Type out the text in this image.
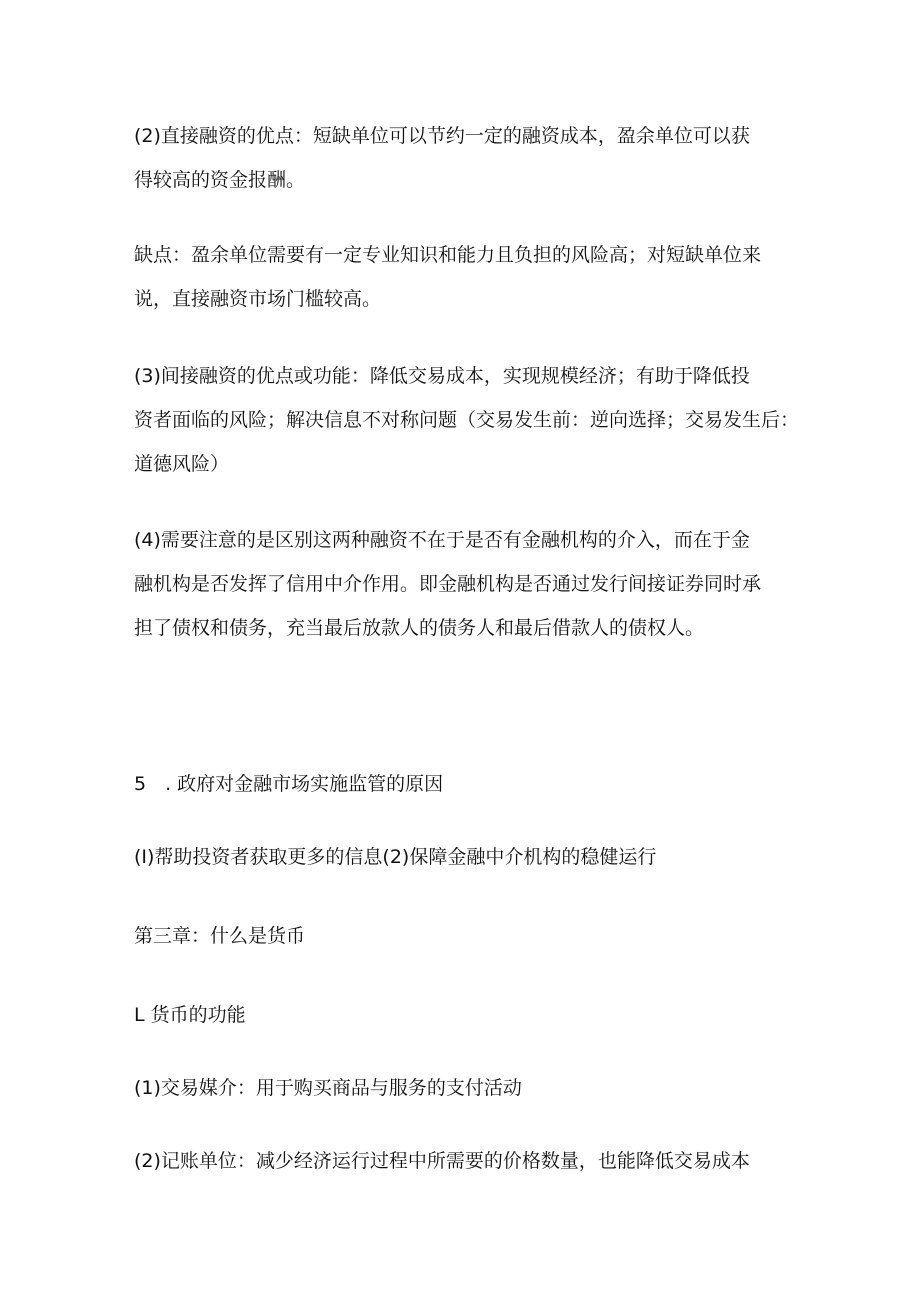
(2)直接融资的优点：短缺单位可以节约一定的融资成本，盈余单位可以获
得较高的资金报酬。
缺点：盈余单位需要有一定专业知识和能力且负担的风险高；对短缺单位来
说，直接融资市场门槛较高。
(3)间接融资的优点或功能：降低交易成本，实现规模经济；有助于降低投
资者面临的风险；解决信息不对称问题（交易发生前：逆向选择；交易发生后：
道德风险）
(4)需要注意的是区别这两种融资不在于是否有金融机构的介入，而在于金
融机构是否发挥了信用中介作用。即金融机构是否通过发行间接证券同时承
担了债权和债务，充当最后放款人的债务人和最后借款人的债权人。
5　. 政府对金融市场实施监管的原因
(I)帮助投资者获取更多的信息(2)保障金融中介机构的稳健运行
第三章：什么是货币
L 货币的功能
(1)交易媒介：用于购买商品与服务的支付活动
(2)记账单位：减少经济运行过程中所需要的价格数量，也能降低交易成本
